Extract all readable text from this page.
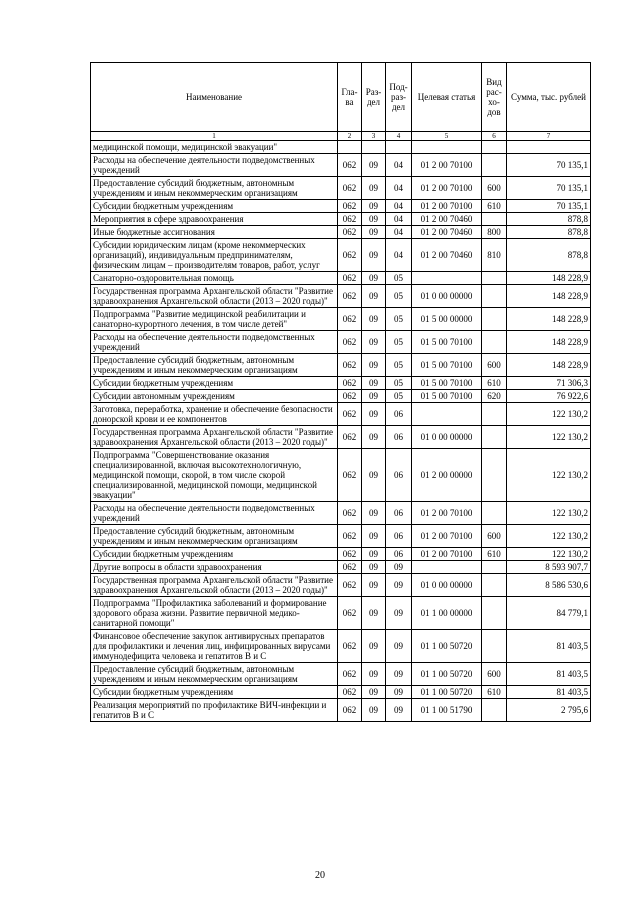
Наименование	Гла-ва	Раз-дел	Под-раз-дел	Целевая статья	Вид рас-хо-дов	Сумма, тыс. рублей
1	2	3	4	5	6	7
медицинской помощи, медицинской эвакуации"						
Расходы на обеспечение деятельности подведомственных учреждений	062	09	04	01 2 00 70100		70 135,1
Предоставление субсидий бюджетным, автономным учреждениям и иным некоммерческим организациям	062	09	04	01 2 00 70100	600	70 135,1
Субсидии бюджетным учреждениям	062	09	04	01 2 00 70100	610	70 135,1
Мероприятия в сфере здравоохранения	062	09	04	01 2 00 70460		878,8
Иные бюджетные ассигнования	062	09	04	01 2 00 70460	800	878,8
Субсидии юридическим лицам (кроме некоммерческих организаций), индивидуальным предпринимателям, физическим лицам – производителям товаров, работ, услуг	062	09	04	01 2 00 70460	810	878,8
Санаторно-оздоровительная помощь	062	09	05			148 228,9
Государственная программа Архангельской области "Развитие здравоохранения Архангельской области (2013 – 2020 годы)"	062	09	05	01 0 00 00000		148 228,9
Подпрограмма "Развитие медицинской реабилитации и санаторно-курортного лечения, в том числе детей"	062	09	05	01 5 00 00000		148 228,9
Расходы на обеспечение деятельности подведомственных учреждений	062	09	05	01 5 00 70100		148 228,9
Предоставление субсидий бюджетным, автономным учреждениям и иным некоммерческим организациям	062	09	05	01 5 00 70100	600	148 228,9
Субсидии бюджетным учреждениям	062	09	05	01 5 00 70100	610	71 306,3
Субсидии автономным учреждениям	062	09	05	01 5 00 70100	620	76 922,6
Заготовка, переработка, хранение и обеспечение безопасности донорской крови и ее компонентов	062	09	06			122 130,2
Государственная программа Архангельской области "Развитие здравоохранения Архангельской области (2013 – 2020 годы)"	062	09	06	01 0 00 00000		122 130,2
Подпрограмма "Совершенствование оказания специализированной, включая высокотехнологичную, медицинской помощи, скорой, в том числе скорой специализированной, медицинской помощи, медицинской эвакуации"	062	09	06	01 2 00 00000		122 130,2
Расходы на обеспечение деятельности подведомственных учреждений	062	09	06	01 2 00 70100		122 130,2
Предоставление субсидий бюджетным, автономным учреждениям и иным некоммерческим организациям	062	09	06	01 2 00 70100	600	122 130,2
Субсидии бюджетным учреждениям	062	09	06	01 2 00 70100	610	122 130,2
Другие вопросы в области здравоохранения	062	09	09			8 593 907,7
Государственная программа Архангельской области "Развитие здравоохранения Архангельской области (2013 – 2020 годы)"	062	09	09	01 0 00 00000		8 586 530,6
Подпрограмма "Профилактика заболеваний и формирование здорового образа жизни. Развитие первичной медико-санитарной помощи"	062	09	09	01 1 00 00000		84 779,1
Финансовое обеспечение закупок антивирусных препаратов для профилактики и лечения лиц, инфицированных вирусами иммунодефицита человека и гепатитов В и С	062	09	09	01 1 00 50720		81 403,5
Предоставление субсидий бюджетным, автономным учреждениям и иным некоммерческим организациям	062	09	09	01 1 00 50720	600	81 403,5
Субсидии бюджетным учреждениям	062	09	09	01 1 00 50720	610	81 403,5
Реализация мероприятий по профилактике ВИЧ-инфекции и гепатитов В и С	062	09	09	01 1 00 51790		2 795,6
20
